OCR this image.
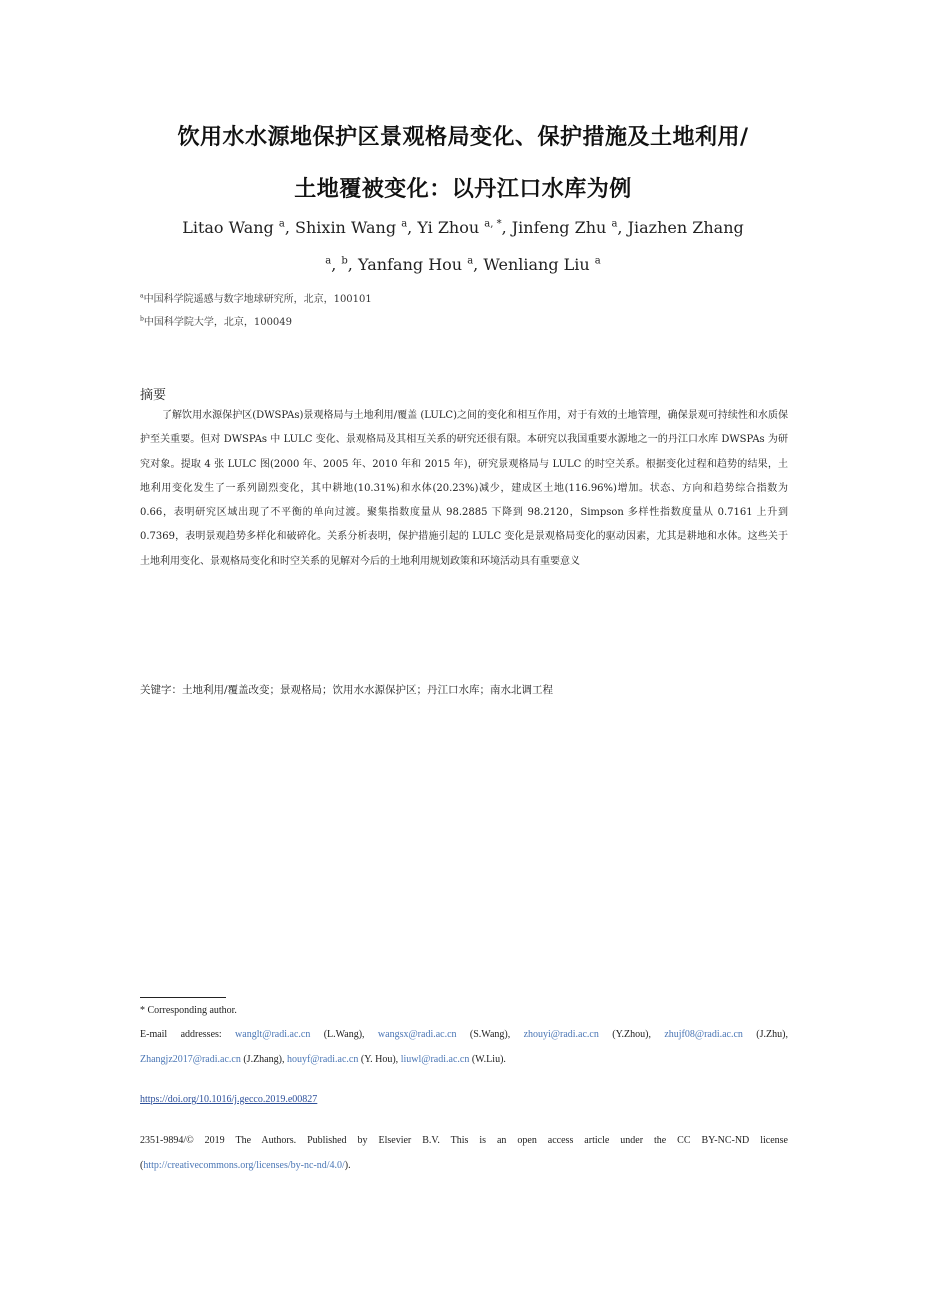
饮用水水源地保护区景观格局变化、保护措施及土地利用/
土地覆被变化：以丹江口水库为例
Litao Wang $^a$, Shixin Wang $^a$, Yi Zhou $^{a, *}$, Jinfeng Zhu $^a$, Jiazhen Zhang
$^a$, $^b$, Yanfang Hou $^a$, Wenliang Liu $^a$
$^a$中国科学院遥感与数字地球研究所，北京，100101
$^b$中国科学院大学，北京，100049
摘要

了解饮用水源保护区(DWSPAs)景观格局与土地利用/覆盖 (LULC)之间的变化和相互作用，对于有效的土地管理，确保景观可持续性和水质保护至关重要。但对 DWSPAs 中 LULC 变化、景观格局及其相互关系的研究还很有限。本研究以我国重要水源地之一的丹江口水库 DWSPAs 为研究对象。提取 4 张 LULC 图(2000 年、2005 年、2010 年和 2015 年)，研究景观格局与 LULC 的时空关系。根据变化过程和趋势的结果，土地利用变化发生了一系列剧烈变化，其中耕地(10.31%)和水体(20.23%)减少，建成区土地(116.96%)增加。状态、方向和趋势综合指数为 0.66，表明研究区域出现了不平衡的单向过渡。聚集指数度量从 98.2885 下降到 98.2120，Simpson 多样性指数度量从 0.7161 上升到 0.7369，表明景观趋势多样化和破碎化。关系分析表明，保护措施引起的 LULC 变化是景观格局变化的驱动因素，尤其是耕地和水体。这些关于土地利用变化、景观格局变化和时空关系的见解对今后的土地利用规划政策和环境活动具有重要意义

关键字：土地利用/覆盖改变；景观格局；饮用水水源保护区；丹江口水库；南水北调工程
* Corresponding author.
E-mail addresses: wanglt@radi.ac.cn (L.Wang), wangsx@radi.ac.cn (S.Wang), zhouyi@radi.ac.cn (Y.Zhou), zhujf08@radi.ac.cn (J.Zhu), Zhangjz2017@radi.ac.cn (J.Zhang), houyf@radi.ac.cn (Y. Hou), liuwl@radi.ac.cn (W.Liu).
https://doi.org/10.1016/j.gecco.2019.e00827
2351-9894/© 2019 The Authors. Published by Elsevier B.V. This is an open access article under the CC BY-NC-ND license (http://creativecommons.org/licenses/by-nc-nd/4.0/).
